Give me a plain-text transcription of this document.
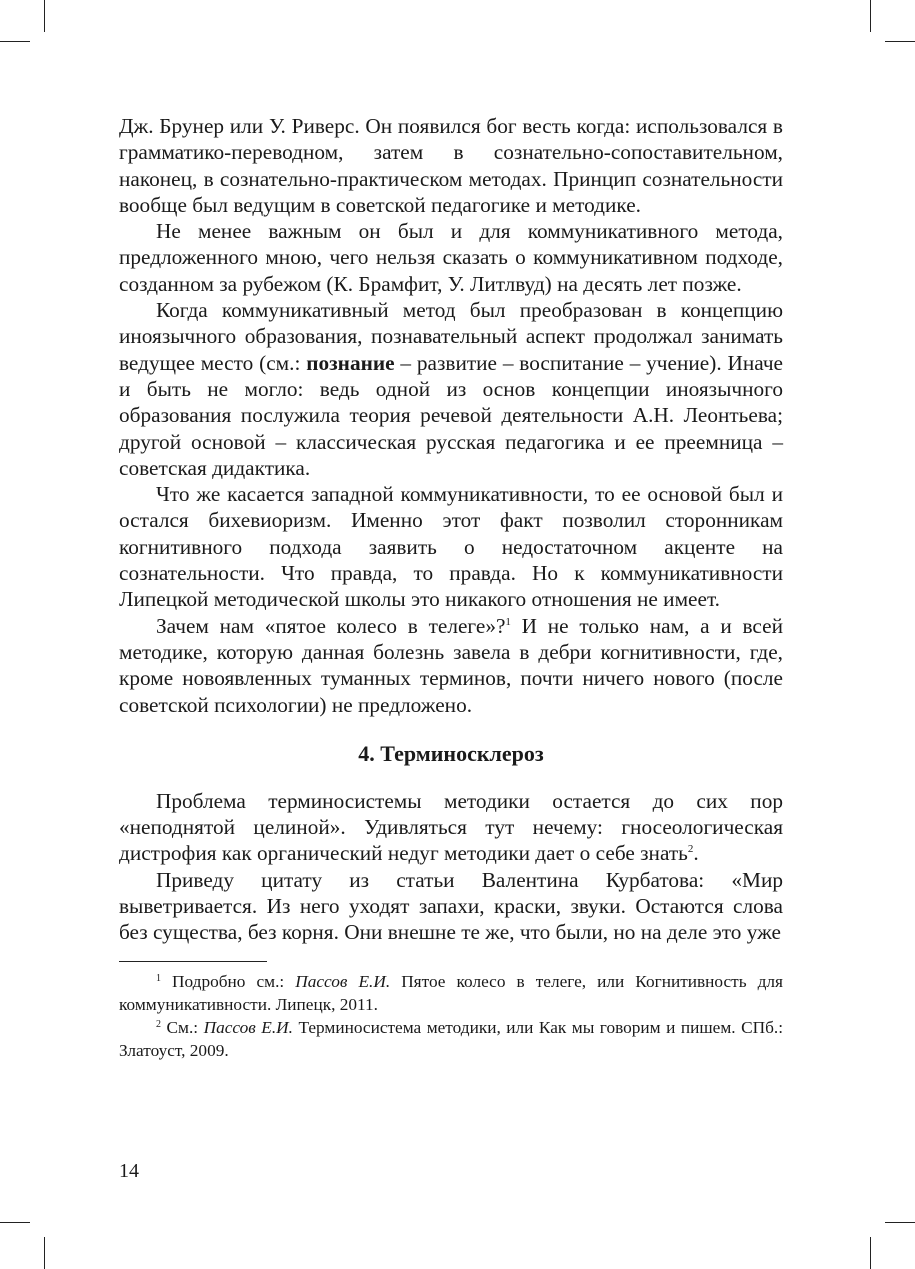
Дж. Брунер или У. Риверс. Он появился бог весть когда: использовался в грамматико-переводном, затем в сознательно-сопоставительном, наконец, в сознательно-практическом методах. Принцип сознательности вообще был ведущим в советской педагогике и методике.

Не менее важным он был и для коммуникативного метода, предложенного мною, чего нельзя сказать о коммуникативном подходе, созданном за рубежом (К. Брамфит, У. Литлвуд) на десять лет позже.

Когда коммуникативный метод был преобразован в концепцию иноязычного образования, познавательный аспект продолжал занимать ведущее место (см.: познание – развитие – воспитание – учение). Иначе и быть не могло: ведь одной из основ концепции иноязычного образования послужила теория речевой деятельности А.Н. Леонтьева; другой основой – классическая русская педагогика и ее преемница – советская дидактика.

Что же касается западной коммуникативности, то ее основой был и остался бихевиоризм. Именно этот факт позволил сторонникам когнитивного подхода заявить о недостаточном акценте на сознательности. Что правда, то правда. Но к коммуникативности Липецкой методической школы это никакого отношения не имеет.

Зачем нам «пятое колесо в телеге»?$^1$ И не только нам, а и всей методике, которую данная болезнь завела в дебри когнитивности, где, кроме новоявленных туманных терминов, почти ничего нового (после советской психологии) не предложено.

4. Терминосклероз

Проблема терминосистемы методики остается до сих пор «неподнятой целиной». Удивляться тут нечему: гносеологическая дистрофия как органический недуг методики дает о себе знать$^2$.

Приведу цитату из статьи Валентина Курбатова: «Мир выветривается. Из него уходят запахи, краски, звуки. Остаются слова без существа, без корня. Они внешне те же, что были, но на деле это уже

$^1$ Подробно см.: Пассов Е.И. Пятое колесо в телеге, или Когнитивность для коммуникативности. Липецк, 2011.

$^2$ См.: Пассов Е.И. Терминосистема методики, или Как мы говорим и пишем. СПб.: Златоуст, 2009.

14
